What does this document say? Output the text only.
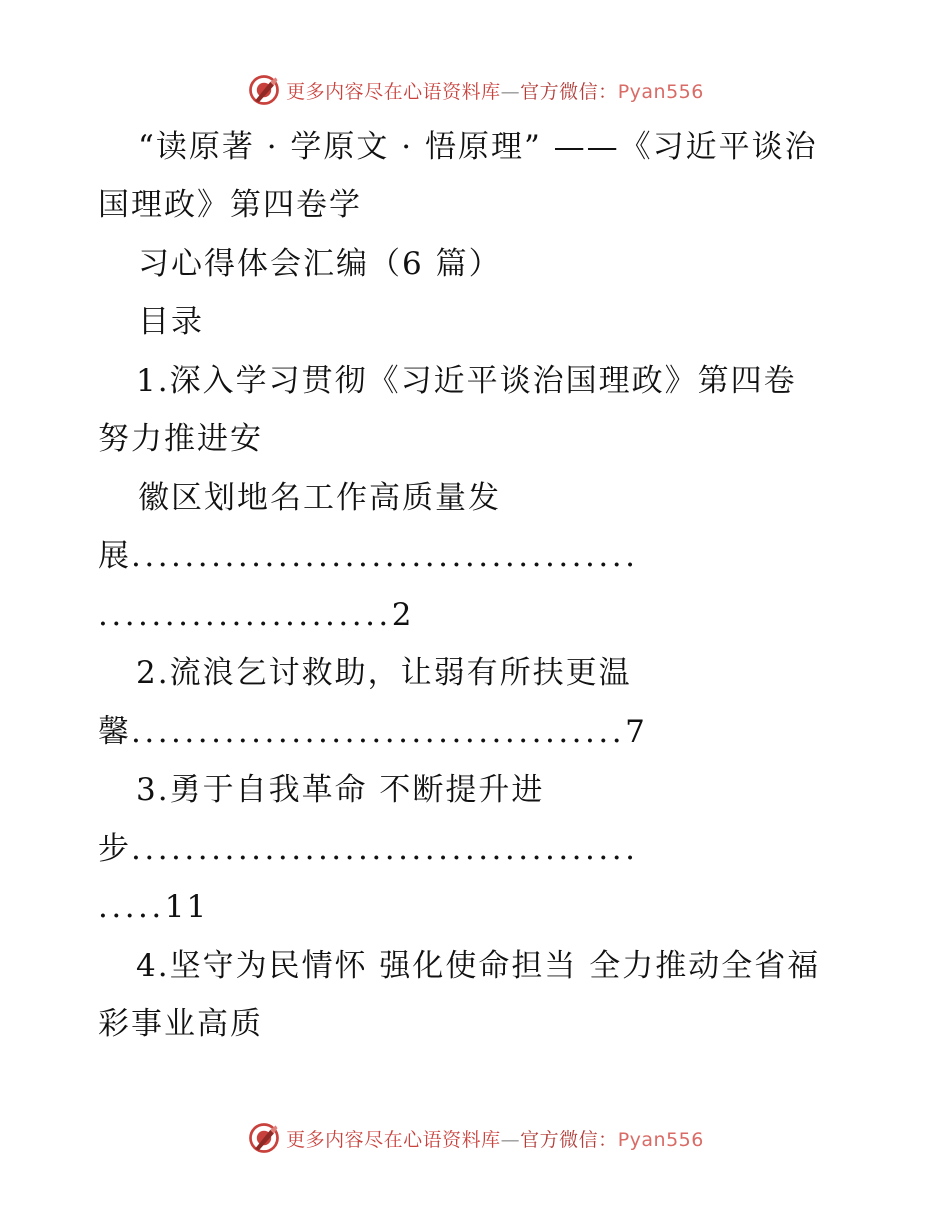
更多内容尽在心语资料库—官方微信：Pyan556
“读原著 · 学原文 · 悟原理” ——《习近平谈治
国理政》第四卷学
习心得体会汇编（6 篇）
目录
1.深入学习贯彻《习近平谈治国理政》第四卷
努力推进安
徽区划地名工作高质量发
展......................................
......................2
2.流浪乞讨救助，让弱有所扶更温
馨.....................................7
3.勇于自我革命 不断提升进
步......................................
.....11
4.坚守为民情怀 强化使命担当 全力推动全省福
彩事业高质
更多内容尽在心语资料库—官方微信：Pyan556
